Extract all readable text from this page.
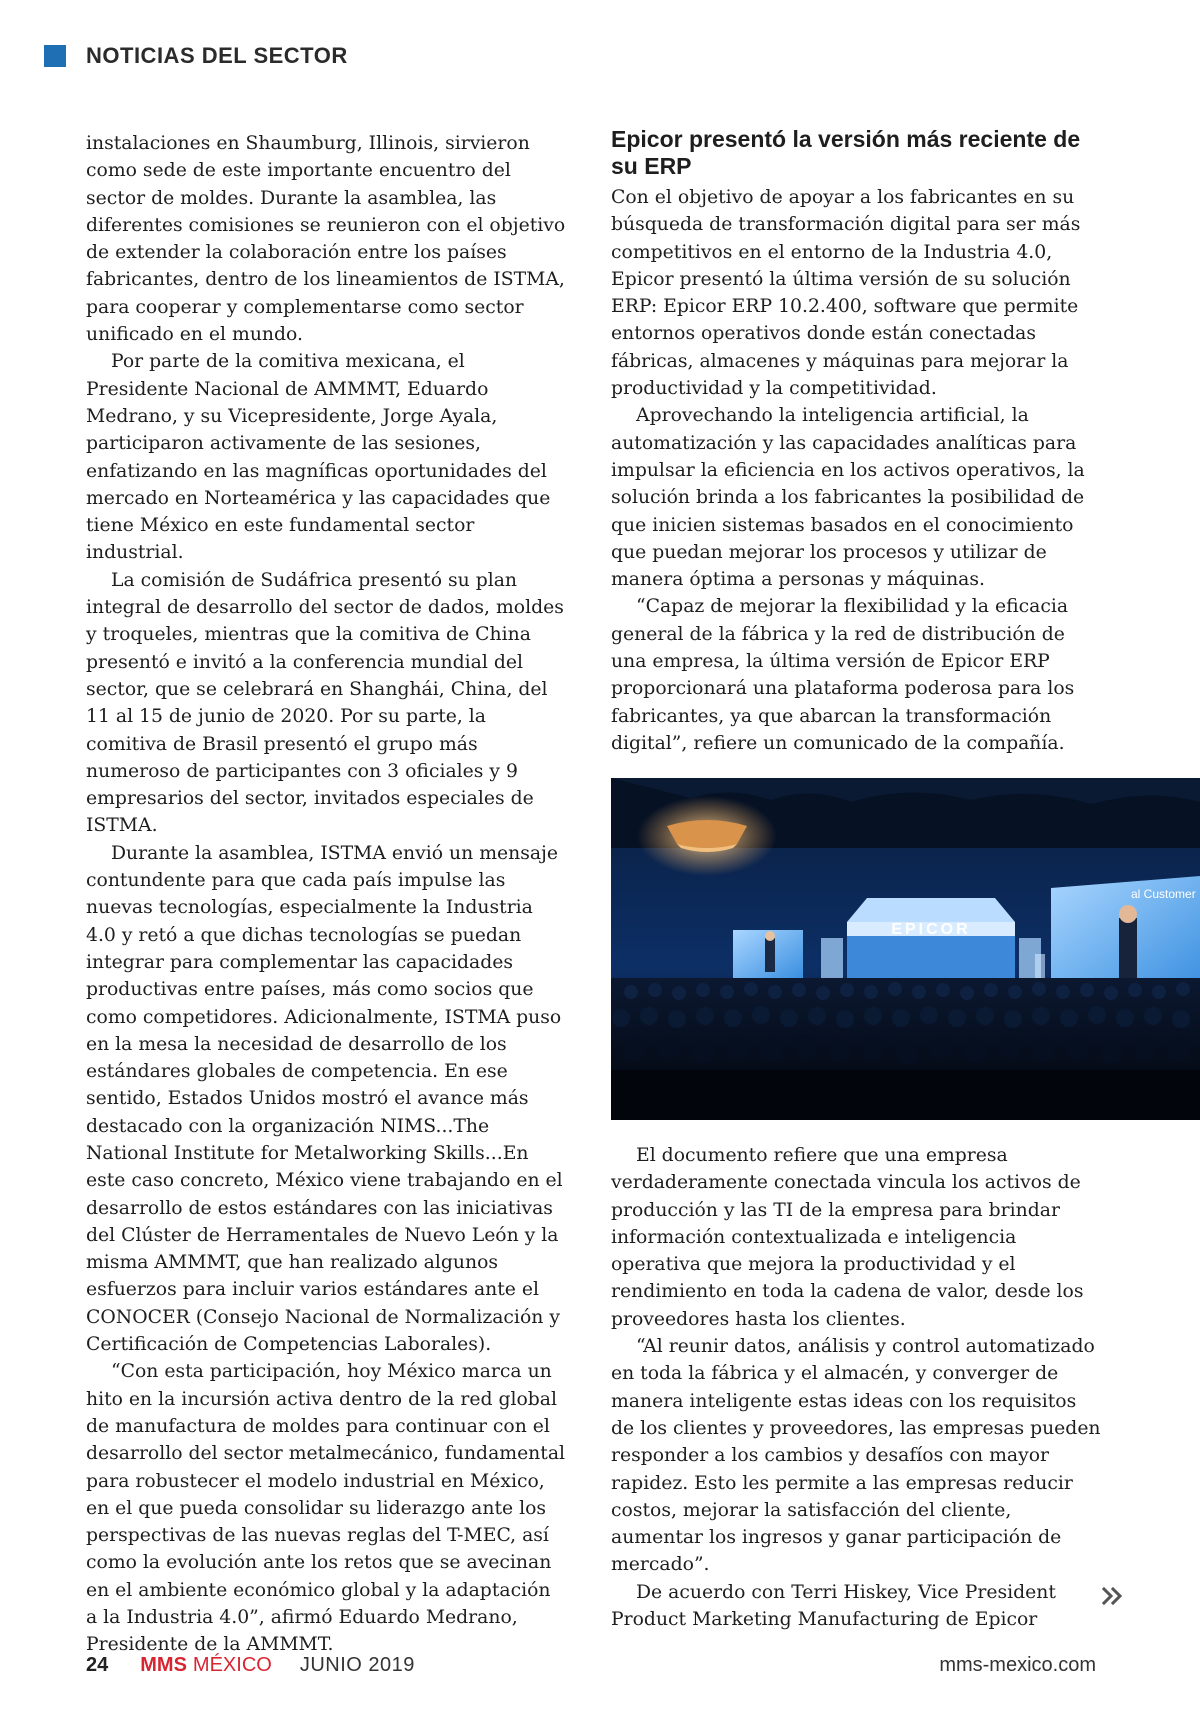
NOTICIAS DEL SECTOR

instalaciones en Shaumburg, Illinois, sirvieron como sede de este importante encuentro del sector de moldes. Durante la asamblea, las diferentes comisiones se reunieron con el objetivo de extender la colaboración entre los países fabricantes, dentro de los lineamientos de ISTMA, para cooperar y complementarse como sector unificado en el mundo.

Por parte de la comitiva mexicana, el Presidente Nacional de AMMMT, Eduardo Medrano, y su Vicepresidente, Jorge Ayala, participaron activamente de las sesiones, enfatizando en las magníficas oportunidades del mercado en Norteamérica y las capacidades que tiene México en este fundamental sector industrial.

La comisión de Sudáfrica presentó su plan integral de desarrollo del sector de dados, moldes y troqueles, mientras que la comitiva de China presentó e invitó a la conferencia mundial del sector, que se celebrará en Shanghái, China, del 11 al 15 de junio de 2020. Por su parte, la comitiva de Brasil presentó el grupo más numeroso de participantes con 3 oficiales y 9 empresarios del sector, invitados especiales de ISTMA.

Durante la asamblea, ISTMA envió un mensaje contundente para que cada país impulse las nuevas tecnologías, especialmente la Industria 4.0 y retó a que dichas tecnologías se puedan integrar para complementar las capacidades productivas entre países, más como socios que como competidores. Adicionalmente, ISTMA puso en la mesa la necesidad de desarrollo de los estándares globales de competencia. En ese sentido, Estados Unidos mostró el avance más destacado con la organización NIMS...The National Institute for Metalworking Skills...En este caso concreto, México viene trabajando en el desarrollo de estos estándares con las iniciativas del Clúster de Herramentales de Nuevo León y la misma AMMMT, que han realizado algunos esfuerzos para incluir varios estándares ante el CONOCER (Consejo Nacional de Normalización y Certificación de Competencias Laborales).

“Con esta participación, hoy México marca un hito en la incursión activa dentro de la red global de manufactura de moldes para continuar con el desarrollo del sector metalmecánico, fundamental para robustecer el modelo industrial en México, en el que pueda consolidar su liderazgo ante los perspectivas de las nuevas reglas del T-MEC, así como la evolución ante los retos que se avecinan en el ambiente económico global y la adaptación a la Industria 4.0”, afirmó Eduardo Medrano, Presidente de la AMMMT.

Epicor presentó la versión más reciente de su ERP

Con el objetivo de apoyar a los fabricantes en su búsqueda de transformación digital para ser más competitivos en el entorno de la Industria 4.0, Epicor presentó la última versión de su solución ERP: Epicor ERP 10.2.400, software que permite entornos operativos donde están conectadas fábricas, almacenes y máquinas para mejorar la productividad y la competitividad.

Aprovechando la inteligencia artificial, la automatización y las capacidades analíticas para impulsar la eficiencia en los activos operativos, la solución brinda a los fabricantes la posibilidad de que inicien sistemas basados en el conocimiento que puedan mejorar los procesos y utilizar de manera óptima a personas y máquinas.

“Capaz de mejorar la flexibilidad y la eficacia general de la fábrica y la red de distribución de una empresa, la última versión de Epicor ERP proporcionará una plataforma poderosa para los fabricantes, ya que abarcan la transformación digital”, refiere un comunicado de la compañía.

EPICOR
al Customer

El documento refiere que una empresa verdaderamente conectada vincula los activos de producción y las TI de la empresa para brindar información contextualizada e inteligencia operativa que mejora la productividad y el rendimiento en toda la cadena de valor, desde los proveedores hasta los clientes.

“Al reunir datos, análisis y control automatizado en toda la fábrica y el almacén, y converger de manera inteligente estas ideas con los requisitos de los clientes y proveedores, las empresas pueden responder a los cambios y desafíos con mayor rapidez. Esto les permite a las empresas reducir costos, mejorar la satisfacción del cliente, aumentar los ingresos y ganar participación de mercado”.

De acuerdo con Terri Hiskey, Vice President Product Marketing Manufacturing de Epicor

24 MMS MÉXICO JUNIO 2019	mms-mexico.com
